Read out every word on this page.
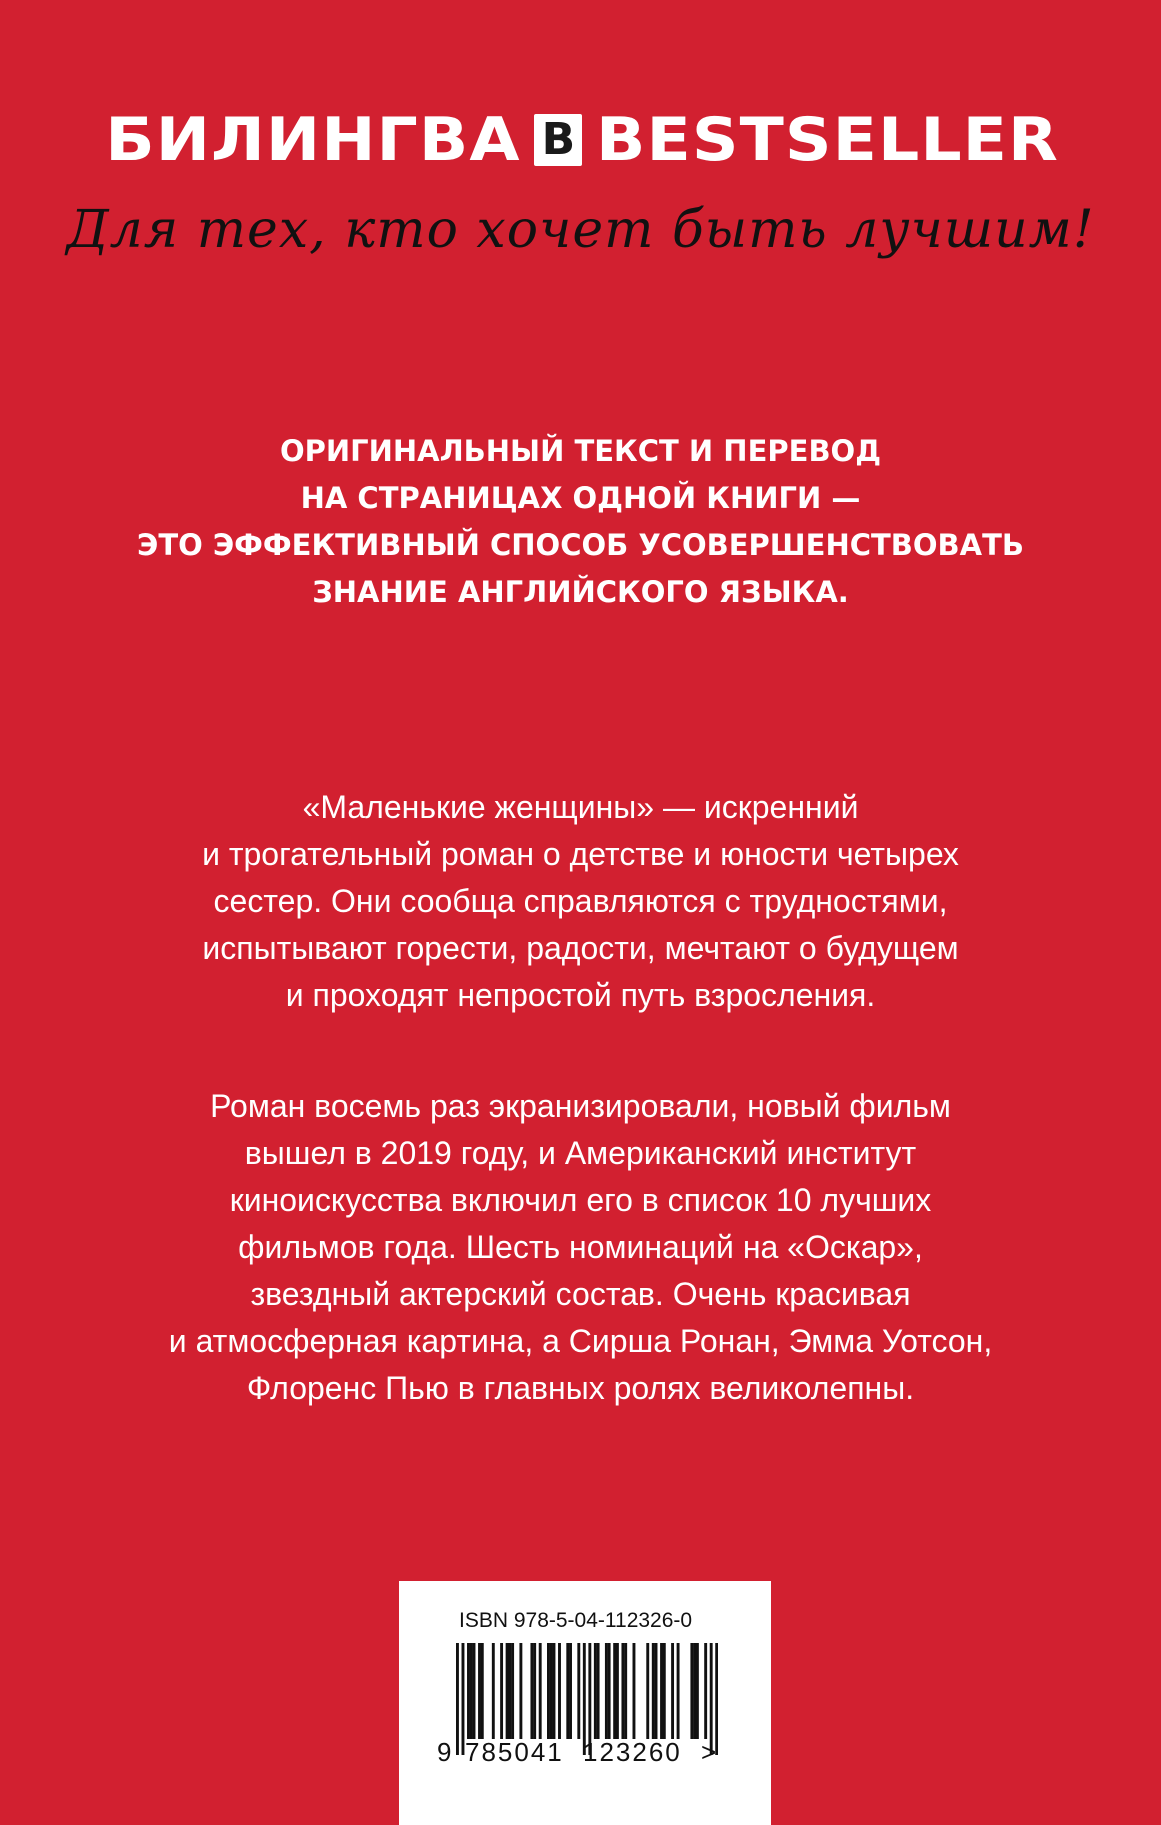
БИЛИНГВА B BESTSELLER
Для тех, кто хочет быть лучшим!
ОРИГИНАЛЬНЫЙ ТЕКСТ И ПЕРЕВОД
НА СТРАНИЦАХ ОДНОЙ КНИГИ —
ЭТО ЭФФЕКТИВНЫЙ СПОСОБ УСОВЕРШЕНСТВОВАТЬ
ЗНАНИЕ АНГЛИЙСКОГО ЯЗЫКА.
«Маленькие женщины» — искренний
и трогательный роман о детстве и юности четырех
сестер. Они сообща справляются с трудностями,
испытывают горести, радости, мечтают о будущем
и проходят непростой путь взросления.
Роман восемь раз экранизировали, новый фильм
вышел в 2019 году, и Американский институт
киноискусства включил его в список 10 лучших
фильмов года. Шесть номинаций на «Оскар»,
звездный актерский состав. Очень красивая
и атмосферная картина, а Сирша Ронан, Эмма Уотсон,
Флоренс Пью в главных ролях великолепны.
ISBN 978-5-04-112326-0
9 785041 123260 >
